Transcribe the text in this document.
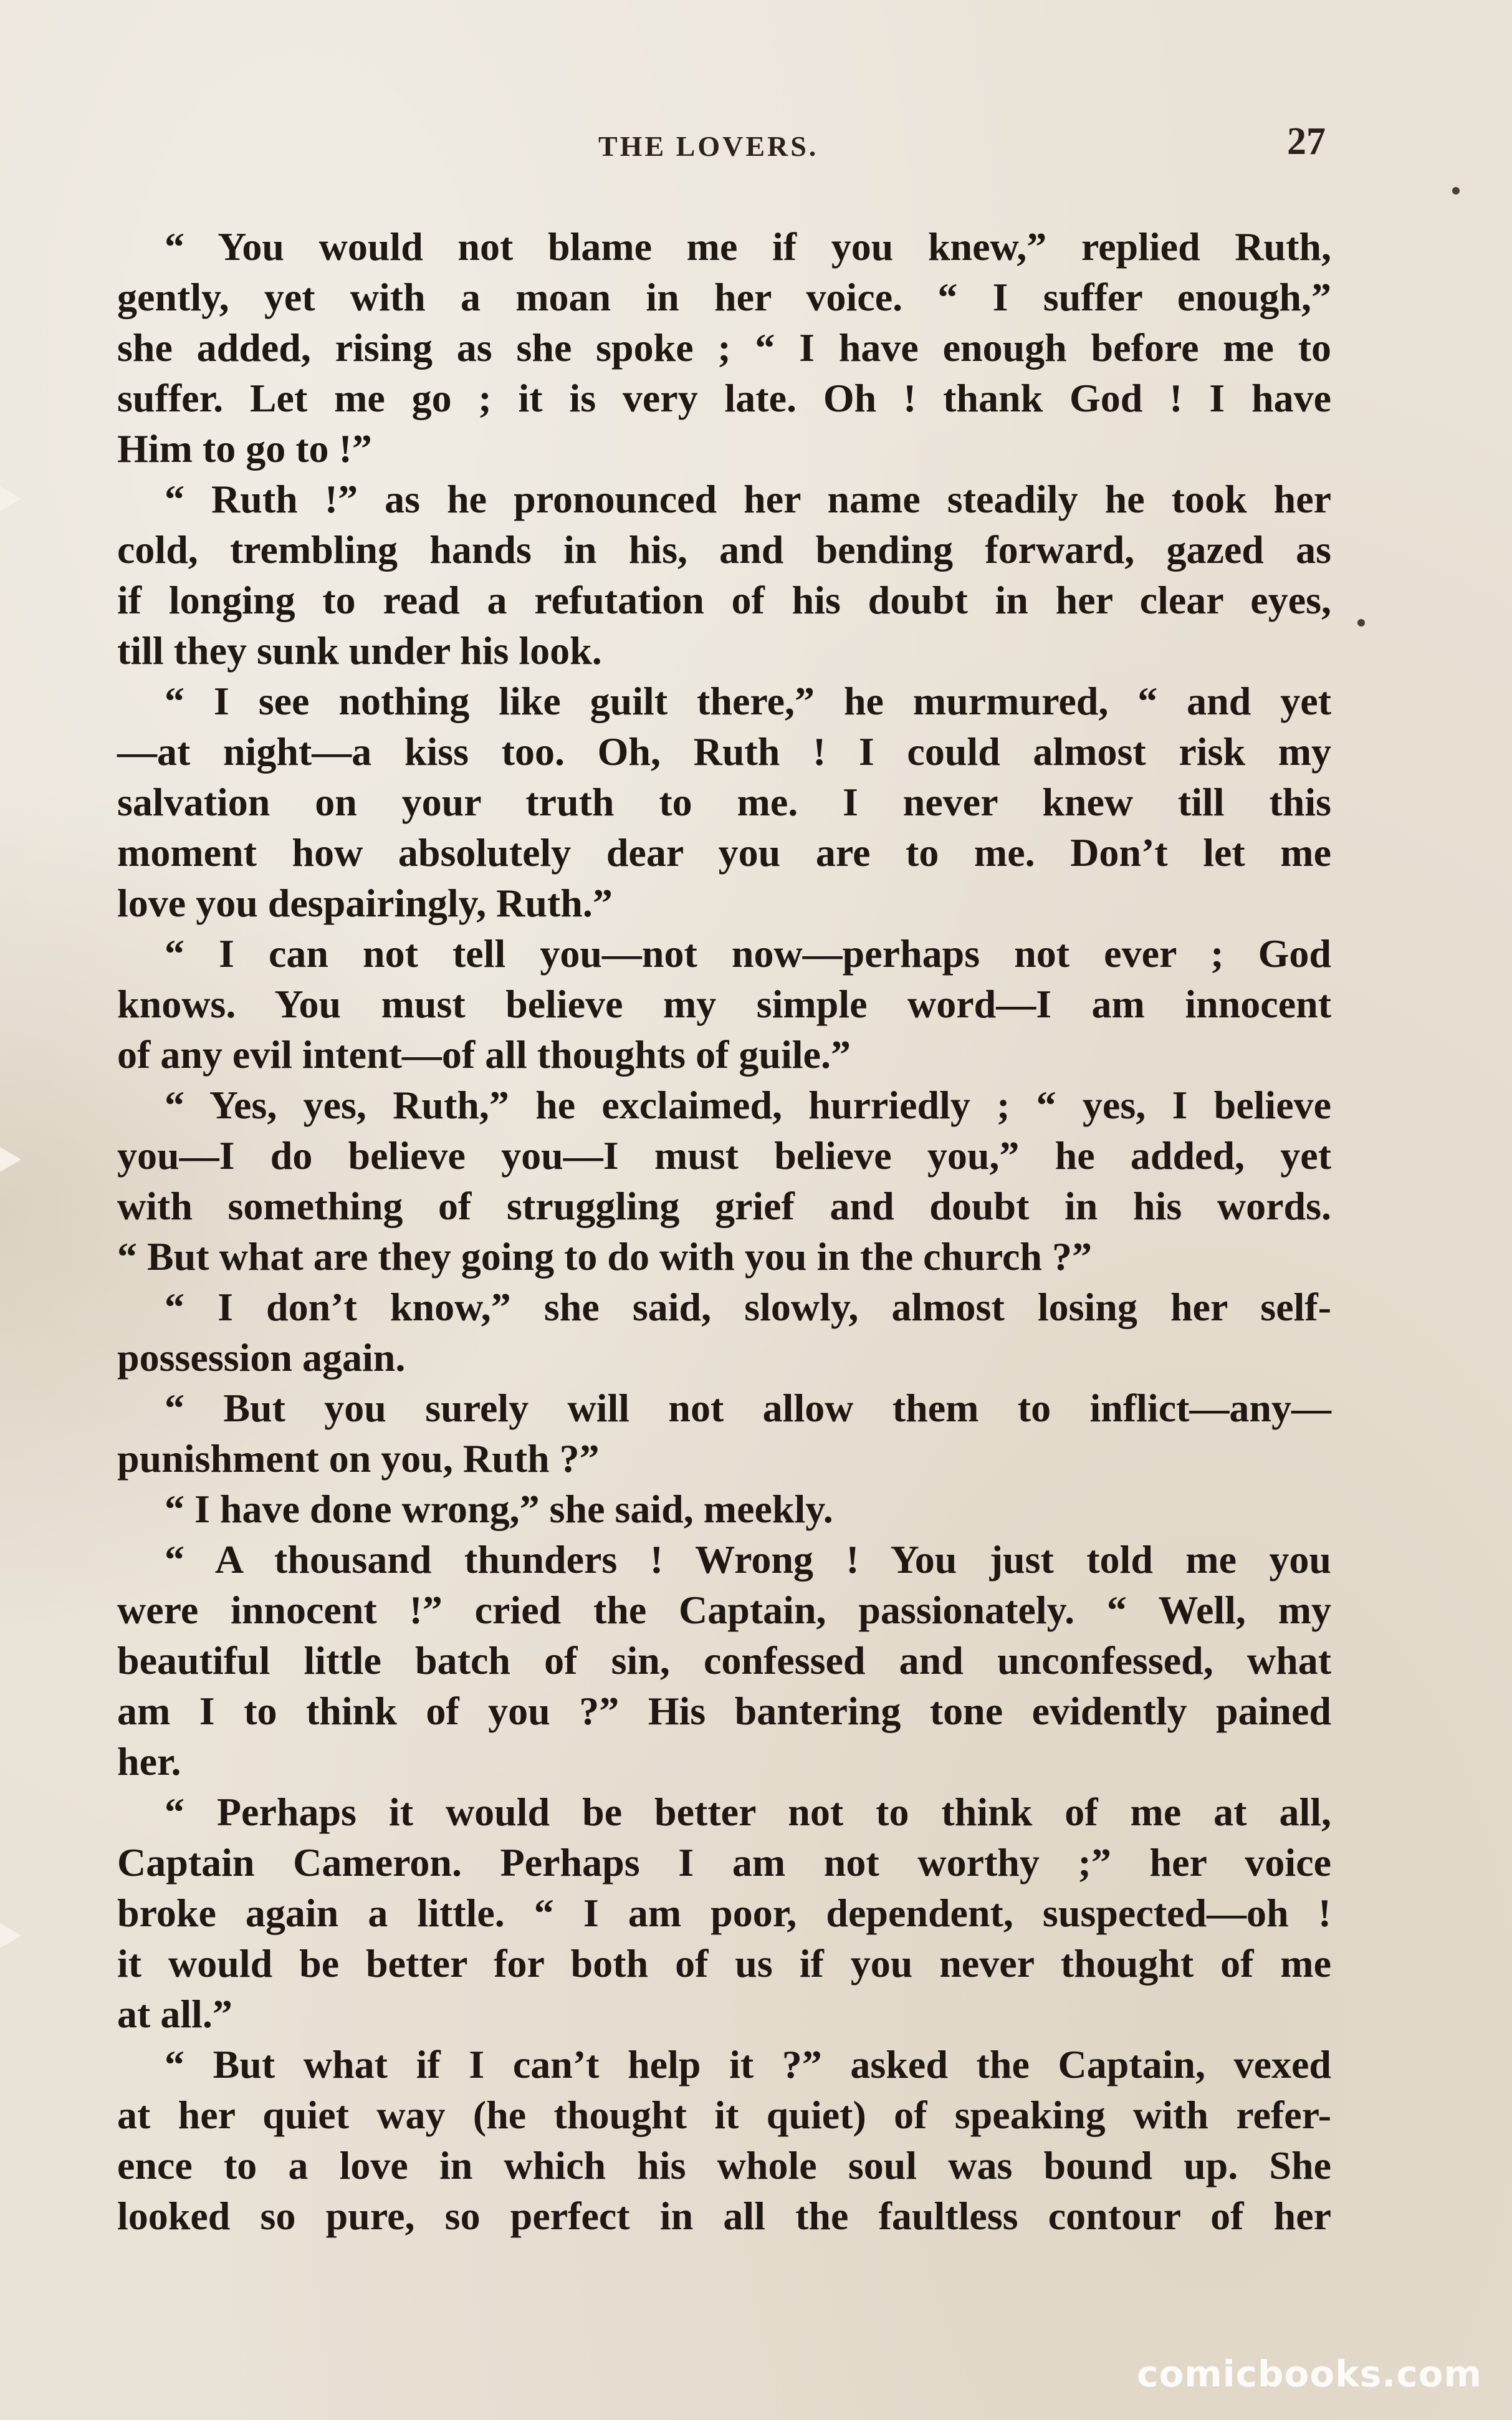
THE LOVERS.	27
“ You would not blame me if you knew,” replied Ruth,
gently, yet with a moan in her voice. “ I suffer enough,”
she added, rising as she spoke ; “ I have enough before me to
suffer. Let me go ; it is very late. Oh ! thank God ! I have
Him to go to !”
“ Ruth !” as he pronounced her name steadily he took her
cold, trembling hands in his, and bending forward, gazed as
if longing to read a refutation of his doubt in her clear eyes,
till they sunk under his look.
“ I see nothing like guilt there,” he murmured, “ and yet
—at night—a kiss too. Oh, Ruth ! I could almost risk my
salvation on your truth to me. I never knew till this
moment how absolutely dear you are to me. Don’t let me
love you despairingly, Ruth.”
“ I can not tell you—not now—perhaps not ever ; God
knows. You must believe my simple word—I am innocent
of any evil intent—of all thoughts of guile.”
“ Yes, yes, Ruth,” he exclaimed, hurriedly ; “ yes, I believe
you—I do believe you—I must believe you,” he added, yet
with something of struggling grief and doubt in his words.
“ But what are they going to do with you in the church ?”
“ I don’t know,” she said, slowly, almost losing her self-
possession again.
“ But you surely will not allow them to inflict—any—
punishment on you, Ruth ?”
“ I have done wrong,” she said, meekly.
“ A thousand thunders ! Wrong ! You just told me you
were innocent !” cried the Captain, passionately. “ Well, my
beautiful little batch of sin, confessed and unconfessed, what
am I to think of you ?” His bantering tone evidently pained
her.
“ Perhaps it would be better not to think of me at all,
Captain Cameron. Perhaps I am not worthy ;” her voice
broke again a little. “ I am poor, dependent, suspected—oh !
it would be better for both of us if you never thought of me
at all.”
“ But what if I can’t help it ?” asked the Captain, vexed
at her quiet way (he thought it quiet) of speaking with refer-
ence to a love in which his whole soul was bound up. She
looked so pure, so perfect in all the faultless contour of her
comicbooks.com
